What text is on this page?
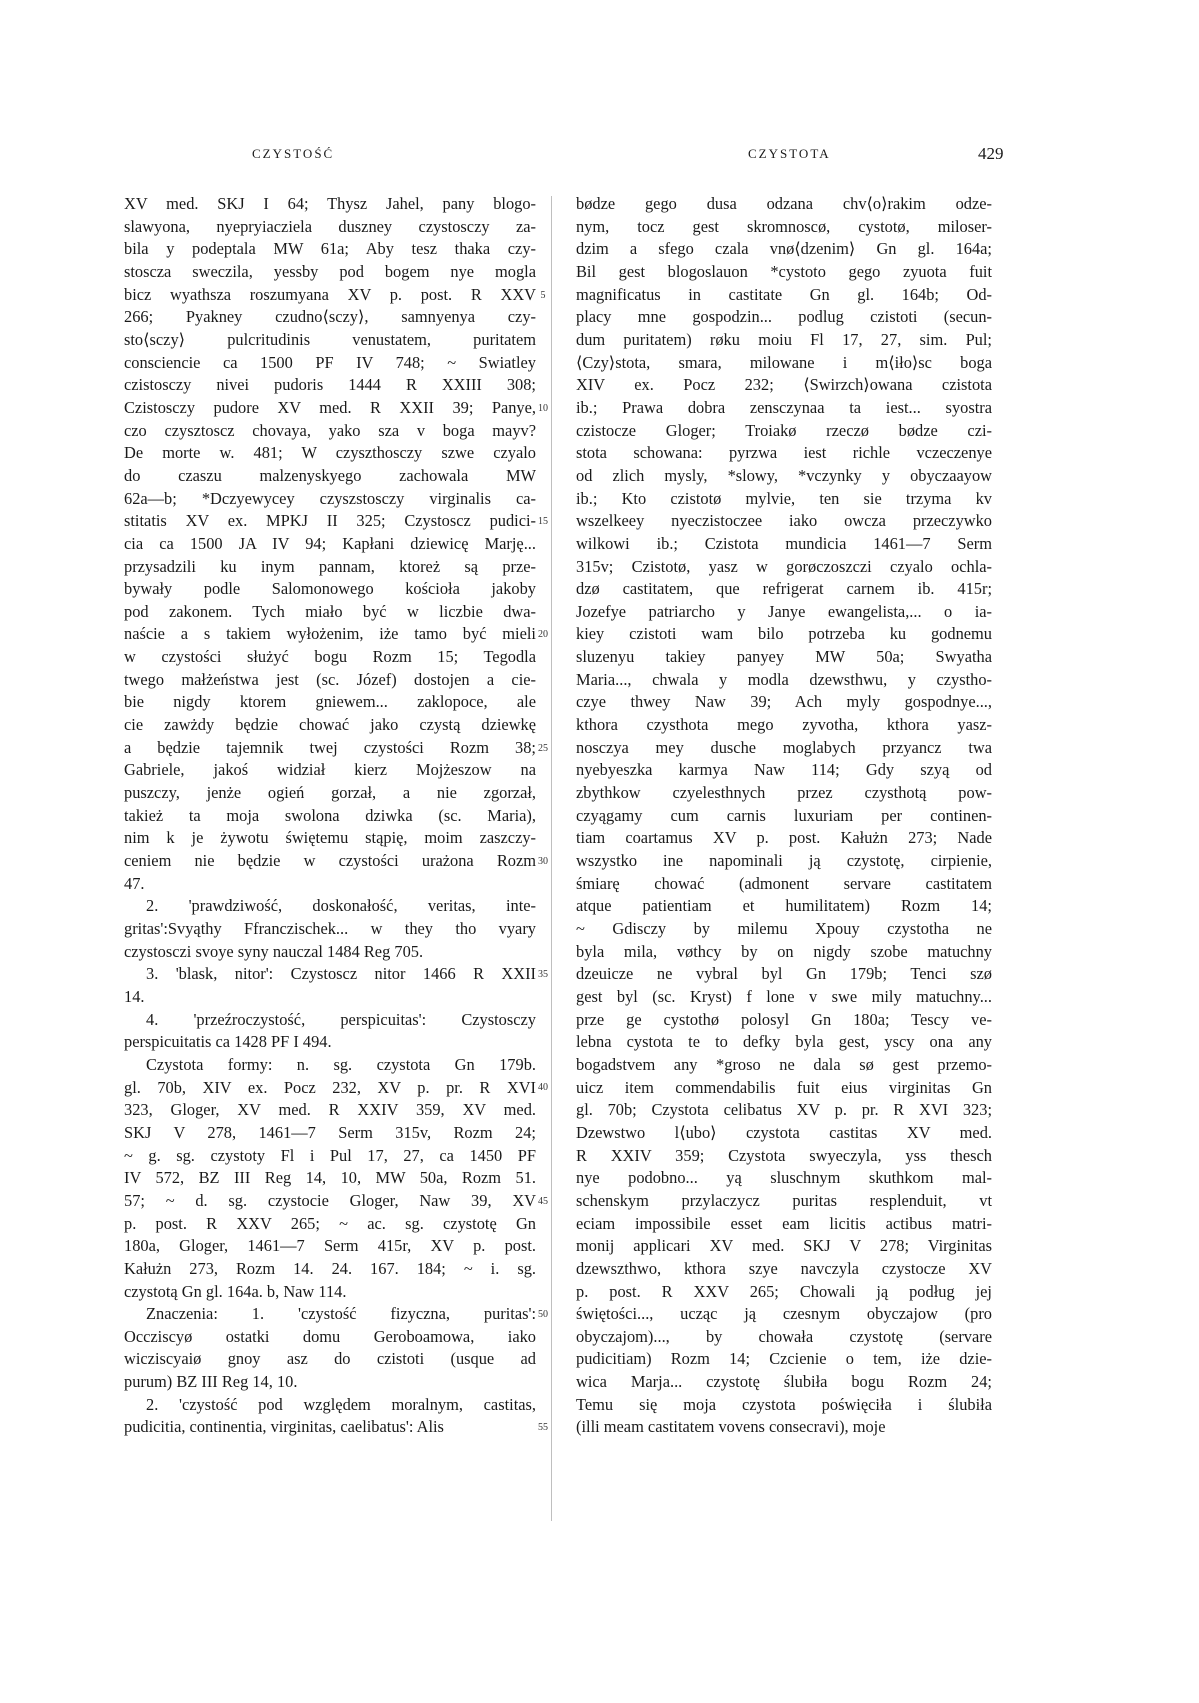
CZYSTOŚĆ	CZYSTOTA	429
XV med. SKJ I 64; Thysz Jahel, pany blogo-
slawyona, nyepryiacziela duszney czystosczy za-
bila y podeptala MW 61a; Aby tesz thaka czy-
stoscza sweczila, yessby pod bogem nye mogla
bicz wyathsza roszumyana XV p. post. R XXV
266; Pyakney czudno⟨sczy⟩, samnyenya czy-
sto⟨sczy⟩ pulcritudinis venustatem, puritatem
consciencie ca 1500 PF IV 748; ~ Swiatley
czistosczy nivei pudoris 1444 R XXIII 308;
Czistosczy pudore XV med. R XXII 39; Panye,
czo czysztoscz chovaya, yako sza v boga mayv?
De morte w. 481; W czyszthosczy szwe czyalo
do czaszu malzenyskyego zachowala MW
62a—b; *Dczyewycey czyszstosczy virginalis ca-
stitatis XV ex. MPKJ II 325; Czystoscz pudici-
cia ca 1500 JA IV 94; Kapłani dziewicę Marję...
przysadzili ku inym pannam, ktoreż są prze-
bywały podle Salomonowego kościoła jakoby
pod zakonem. Tych miało być w liczbie dwa-
naście a s takiem wyłożenim, iże tamo być mieli
w czystości służyć bogu Rozm 15; Tegodla
twego małżeństwa jest (sc. Józef) dostojen a cie-
bie nigdy ktorem gniewem... zaklopoce, ale
cie zawżdy będzie chować jako czystą dziewkę
a będzie tajemnik twej czystości Rozm 38;
Gabriele, jakoś widział kierz Mojżeszow na
puszczy, jenże ogień gorzał, a nie zgorzał,
takież ta moja swolona dziwka (sc. Maria),
nim k je żywotu świętemu stąpię, moim zaszczy-
ceniem nie będzie w czystości urażona Rozm
47.
2. 'prawdziwość, doskonałość, veritas, inte-
gritas':Svyąthy Ffranczischek... w they tho vyary
czystosczi svoye syny nauczal 1484 Reg 705.
3. 'blask, nitor': Czystoscz nitor 1466 R XXII
14.
4. 'przeźroczystość, perspicuitas': Czystosczy
perspicuitatis ca 1428 PF I 494.
Czystota formy: n. sg. czystota Gn 179b.
gl. 70b, XIV ex. Pocz 232, XV p. pr. R XVI
323, Gloger, XV med. R XXIV 359, XV med.
SKJ V 278, 1461—7 Serm 315v, Rozm 24;
~ g. sg. czystoty Fl i Pul 17, 27, ca 1450 PF
IV 572, BZ III Reg 14, 10, MW 50a, Rozm 51.
57; ~ d. sg. czystocie Gloger, Naw 39, XV
p. post. R XXV 265; ~ ac. sg. czystotę Gn
180a, Gloger, 1461—7 Serm 415r, XV p. post.
Kałużn 273, Rozm 14. 24. 167. 184; ~ i. sg.
czystotą Gn gl. 164a. b, Naw 114.
Znaczenia: 1. 'czystość fizyczna, puritas':
Occziscyø ostatki domu Geroboamowa, iako
wicziscyaiø gnoy asz do czistoti (usque ad
purum) BZ III Reg 14, 10.
2. 'czystość pod względem moralnym, castitas,
pudicitia, continentia, virginitas, caelibatus': Alis
5
10
15
20
25
30
35
40
45
50
55
bødze gego dusa odzana chv⟨o⟩rakim odze-
nym, tocz gest skromnoscø, cystotø, miloser-
dzim a sfego czala vnø⟨dzenim⟩ Gn gl. 164a;
Bil gest blogoslauon *cystoto gego zyuota fuit
magnificatus in castitate Gn gl. 164b; Od-
placy mne gospodzin... podlug czistoti (secun-
dum puritatem) røku moiu Fl 17, 27, sim. Pul;
⟨Czy⟩stota, smara, milowane i m⟨iło⟩sc boga
XIV ex. Pocz 232; ⟨Swirzch⟩owana czistota
ib.; Prawa dobra zensczynaa ta iest... syostra
czistocze Gloger; Troiakø rzeczø bødze czi-
stota schowana: pyrzwa iest richle vczeczenye
od zlich mysly, *slowy, *vczynky y obyczaayow
ib.; Kto czistotø mylvie, ten sie trzyma kv
wszelkeey nyeczistoczee iako owcza przeczywko
wilkowi ib.; Czistota mundicia 1461—7 Serm
315v; Czistotø, yasz w gorøczoszczi czyalo ochla-
dzø castitatem, que refrigerat carnem ib. 415r;
Jozefye patriarcho y Janye ewangelista,... o ia-
kiey czistoti wam bilo potrzeba ku godnemu
sluzenyu takiey panyey MW 50a; Swyatha
Maria..., chwala y modla dzewsthwu, y czystho-
czye thwey Naw 39; Ach myly gospodnye...,
kthora czysthota mego zyvotha, kthora yasz-
nosczya mey dusche moglabych przyancz twa
nyebyeszka karmya Naw 114; Gdy szyą od
zbythkow czyelesthnych przez czysthotą pow-
czyągamy cum carnis luxuriam per continen-
tiam coartamus XV p. post. Kałużn 273; Nade
wszystko ine napominali ją czystotę, cirpienie,
śmiarę chować (admonent servare castitatem
atque patientiam et humilitatem) Rozm 14;
~ Gdisczy by milemu Xpouy czystotha ne
byla mila, vøthcy by on nigdy szobe matuchny
dzeuicze ne vybral byl Gn 179b; Tenci szø
gest byl (sc. Kryst) f lone v swe mily matuchny...
prze ge cystothø polosyl Gn 180a; Tescy ve-
lebna cystota te to defky byla gest, yscy ona any
bogadstvem any *groso ne dala sø gest przemo-
uicz item commendabilis fuit eius virginitas Gn
gl. 70b; Czystota celibatus XV p. pr. R XVI 323;
Dzewstwo l⟨ubo⟩ czystota castitas XV med.
R XXIV 359; Czystota swyeczyla, yss thesch
nye podobno... yą sluschnym skuthkom mal-
schenskym przylaczycz puritas resplenduit, vt
eciam impossibile esset eam licitis actibus matri-
monij applicari XV med. SKJ V 278; Virginitas
dzewszthwo, kthora szye navczyla czystocze XV
p. post. R XXV 265; Chowali ją podług jej
świętości..., ucząc ją czesnym obyczajow (pro
obyczajom)..., by chowała czystotę (servare
pudicitiam) Rozm 14; Czcienie o tem, iże dzie-
wica Marja... czystotę ślubiła bogu Rozm 24;
Temu się moja czystota poświęciła i ślubiła
(illi meam castitatem vovens consecravi), moje
